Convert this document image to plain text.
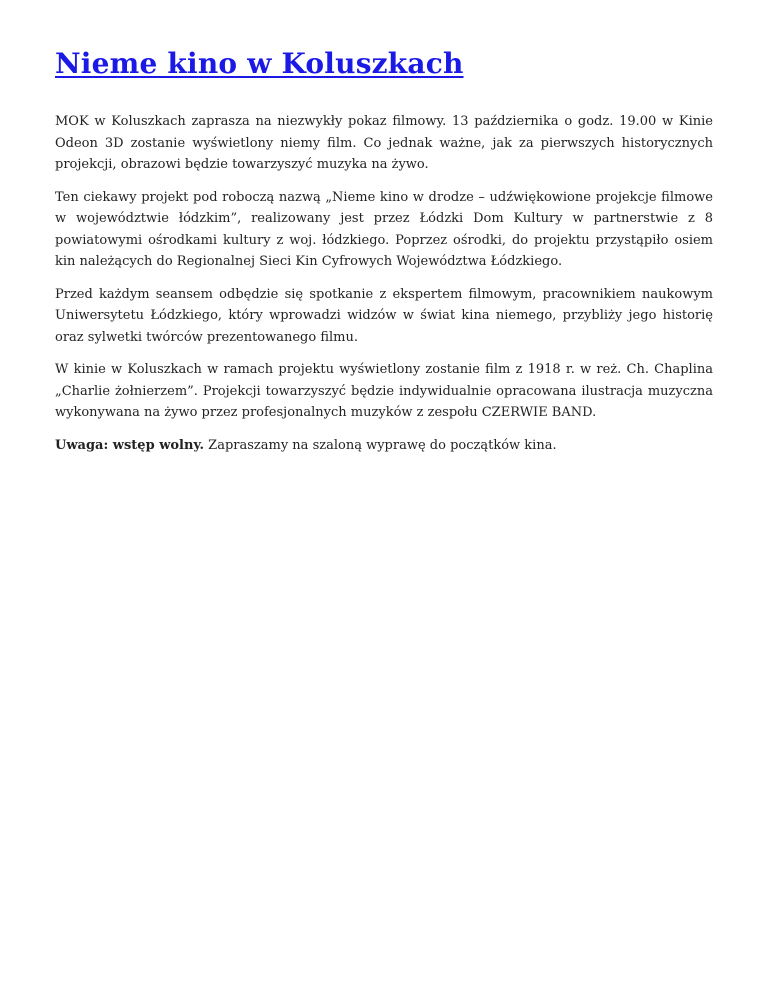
Nieme kino w Koluszkach

MOK w Koluszkach zaprasza na niezwykły pokaz filmowy. 13 października o godz. 19.00 w Kinie Odeon 3D zostanie wyświetlony niemy film. Co jednak ważne, jak za pierwszych historycznych projekcji, obrazowi będzie towarzyszyć muzyka na żywo.

Ten ciekawy projekt pod roboczą nazwą „Nieme kino w drodze – udźwiękowione projekcje filmowe w województwie łódzkim”, realizowany jest przez Łódzki Dom Kultury w partnerstwie z 8 powiatowymi ośrodkami kultury z woj. łódzkiego. Poprzez ośrodki, do projektu przystąpiło osiem kin należących do Regionalnej Sieci Kin Cyfrowych Województwa Łódzkiego.

Przed każdym seansem odbędzie się spotkanie z ekspertem filmowym, pracownikiem naukowym Uniwersytetu Łódzkiego, który wprowadzi widzów w świat kina niemego, przybliży jego historię oraz sylwetki twórców prezentowanego filmu.

W kinie w Koluszkach w ramach projektu wyświetlony zostanie film z 1918 r. w reż. Ch. Chaplina „Charlie żołnierzem”. Projekcji towarzyszyć będzie indywidualnie opracowana ilustracja muzyczna wykonywana na żywo przez profesjonalnych muzyków z zespołu CZERWIE BAND.

Uwaga: wstęp wolny. Zapraszamy na szaloną wyprawę do początków kina.
